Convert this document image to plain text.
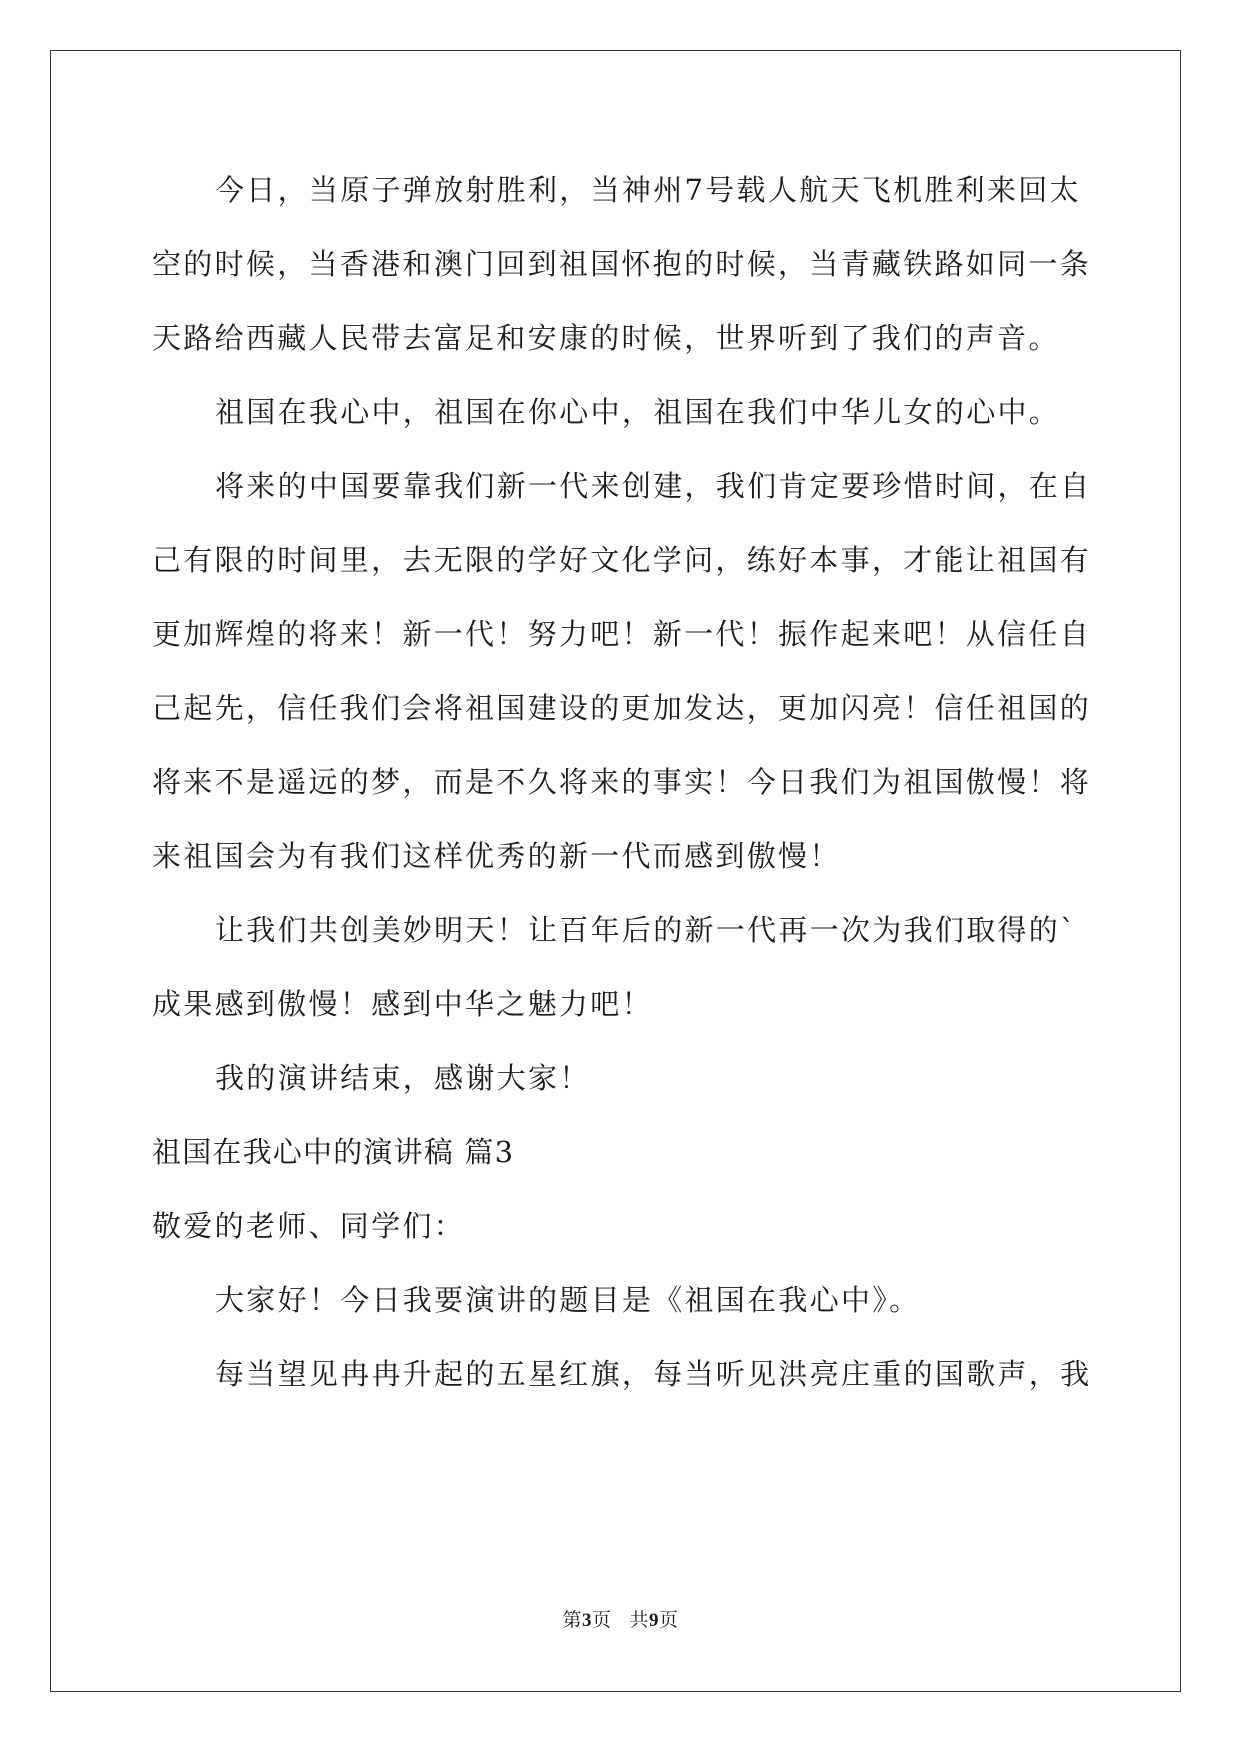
今日，当原子弹放射胜利，当神州7号载人航天飞机胜利来回太
空的时候，当香港和澳门回到祖国怀抱的时候，当青藏铁路如同一条
天路给西藏人民带去富足和安康的时候，世界听到了我们的声音。
祖国在我心中，祖国在你心中，祖国在我们中华儿女的心中。
将来的中国要靠我们新一代来创建，我们肯定要珍惜时间，在自
己有限的时间里，去无限的学好文化学问，练好本事，才能让祖国有
更加辉煌的将来！新一代！努力吧！新一代！振作起来吧！从信任自
己起先，信任我们会将祖国建设的更加发达，更加闪亮！信任祖国的
将来不是遥远的梦，而是不久将来的事实！今日我们为祖国傲慢！将
来祖国会为有我们这样优秀的新一代而感到傲慢！
让我们共创美妙明天！让百年后的新一代再一次为我们取得的`
成果感到傲慢！感到中华之魅力吧！
我的演讲结束，感谢大家！
祖国在我心中的演讲稿 篇3
敬爱的老师、同学们：
大家好！今日我要演讲的题目是《祖国在我心中》。
每当望见冉冉升起的五星红旗，每当听见洪亮庄重的国歌声，我
第3页 共9页
